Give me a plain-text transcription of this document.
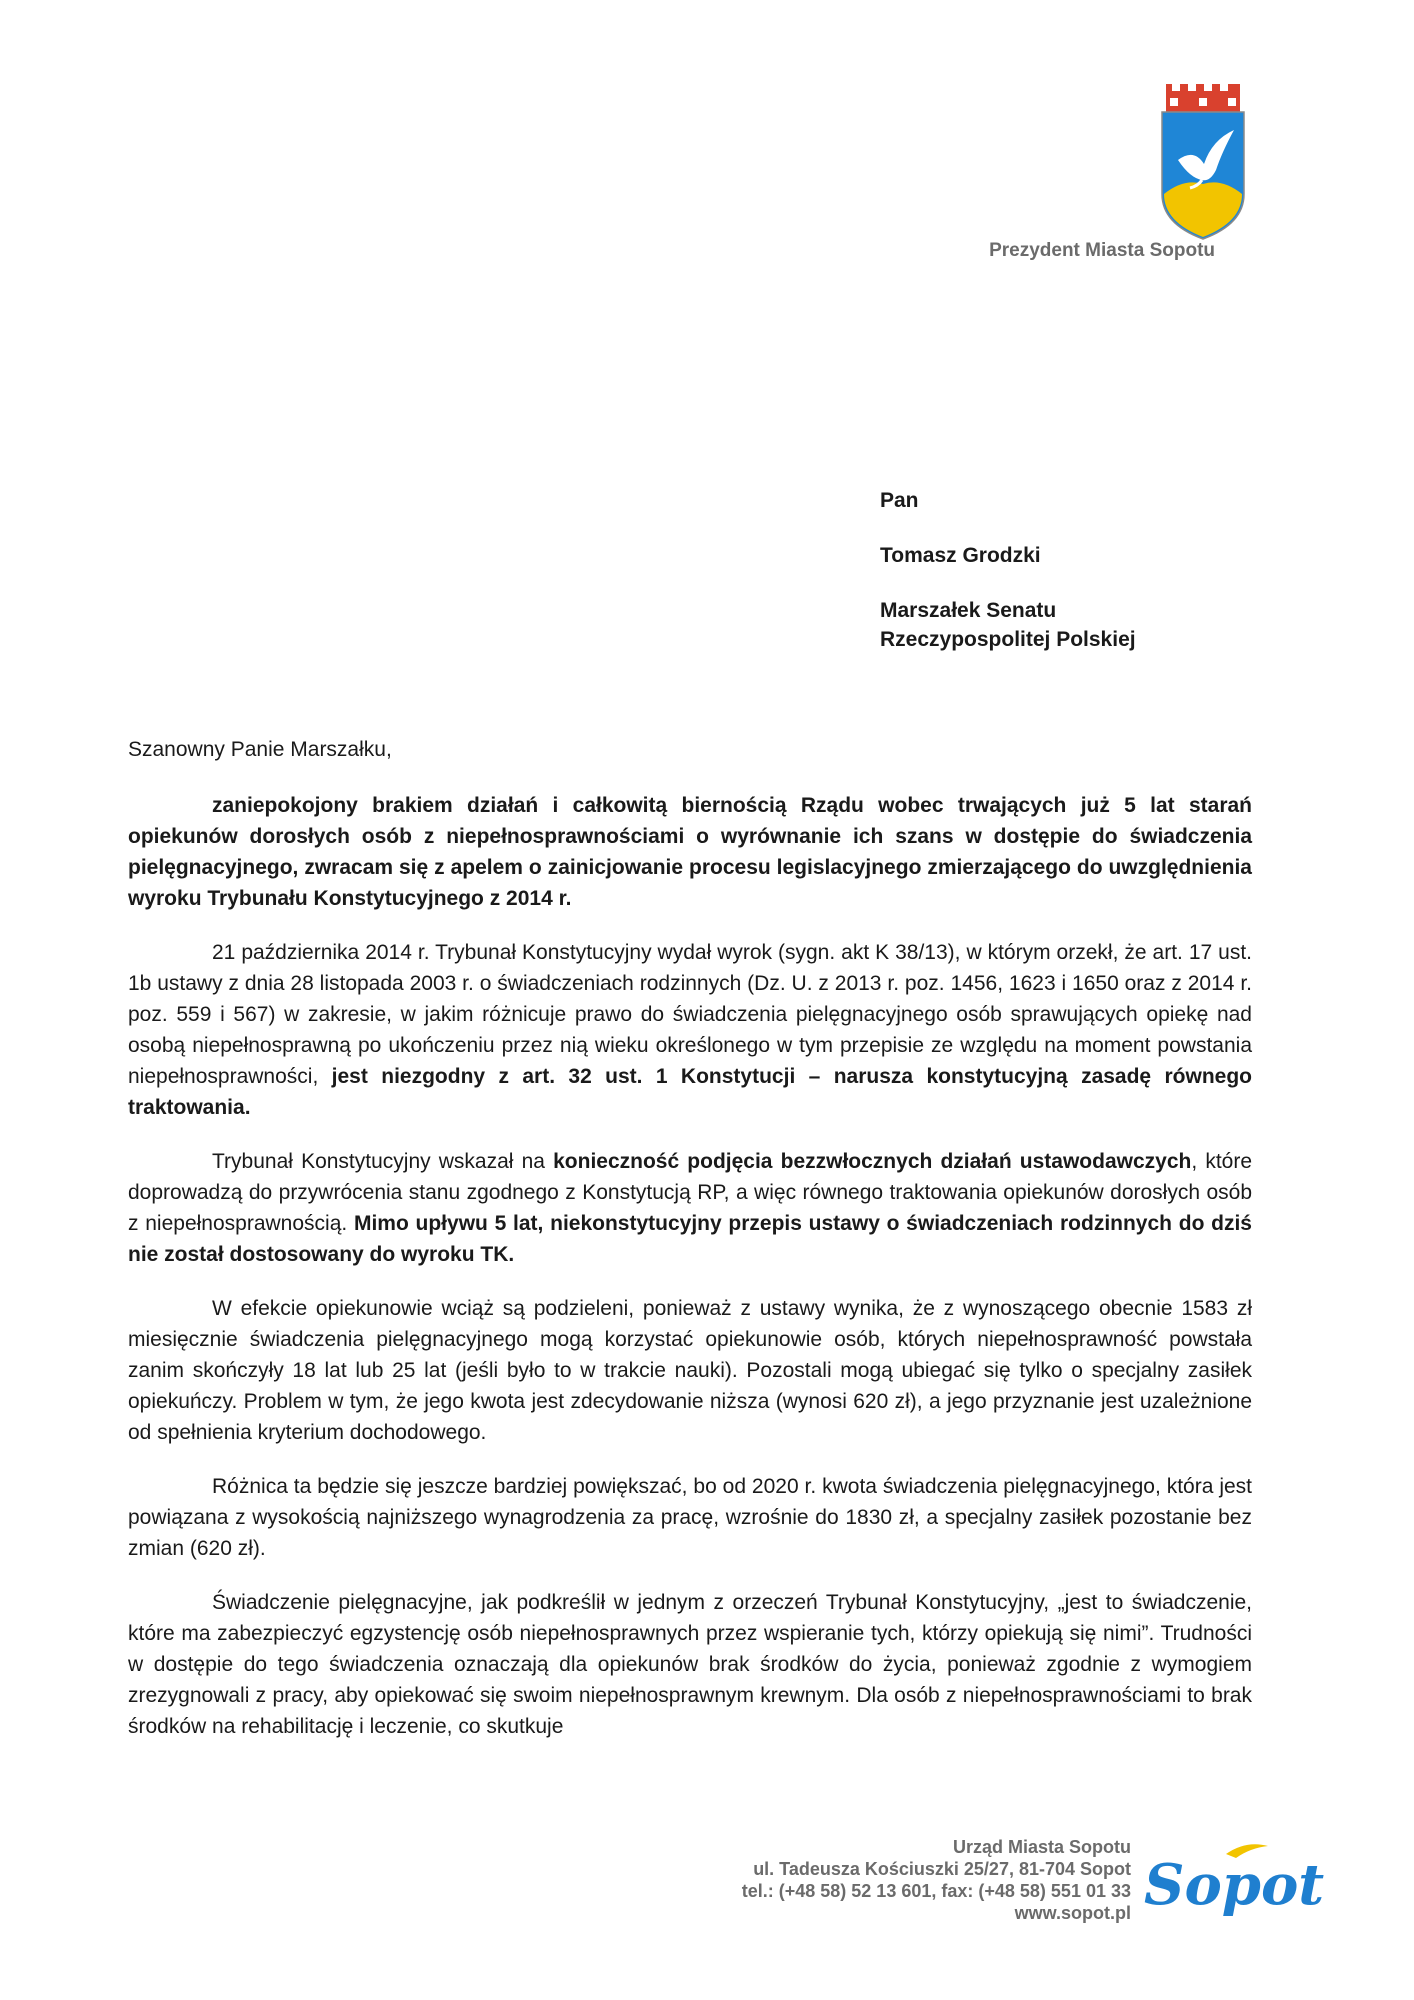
Prezydent Miasta Sopotu

Pan

Tomasz Grodzki

Marszałek Senatu

Rzeczypospolitej Polskiej

Szanowny Panie Marszałku,

zaniepokojony brakiem działań i całkowitą biernością Rządu wobec trwających już 5 lat starań opiekunów dorosłych osób z niepełnosprawnościami o wyrównanie ich szans w dostępie do świadczenia pielęgnacyjnego, zwracam się z apelem o zainicjowanie procesu legislacyjnego zmierzającego do uwzględnienia wyroku Trybunału Konstytucyjnego z 2014 r.

21 października 2014 r. Trybunał Konstytucyjny wydał wyrok (sygn. akt K 38/13), w którym orzekł, że art. 17 ust. 1b ustawy z dnia 28 listopada 2003 r. o świadczeniach rodzinnych (Dz. U. z 2013 r. poz. 1456, 1623 i 1650 oraz z 2014 r. poz. 559 i 567) w zakresie, w jakim różnicuje prawo do świadczenia pielęgnacyjnego osób sprawujących opiekę nad osobą niepełnosprawną po ukończeniu przez nią wieku określonego w tym przepisie ze względu na moment powstania niepełnosprawności, jest niezgodny z art. 32 ust. 1 Konstytucji – narusza konstytucyjną zasadę równego traktowania.

Trybunał Konstytucyjny wskazał na konieczność podjęcia bezzwłocznych działań ustawodawczych, które doprowadzą do przywrócenia stanu zgodnego z Konstytucją RP, a więc równego traktowania opiekunów dorosłych osób z niepełnosprawnością. Mimo upływu 5 lat, niekonstytucyjny przepis ustawy o świadczeniach rodzinnych do dziś nie został dostosowany do wyroku TK.

W efekcie opiekunowie wciąż są podzieleni, ponieważ z ustawy wynika, że z wynoszącego obecnie 1583 zł miesięcznie świadczenia pielęgnacyjnego mogą korzystać opiekunowie osób, których niepełnosprawność powstała zanim skończyły 18 lat lub 25 lat (jeśli było to w trakcie nauki). Pozostali mogą ubiegać się tylko o specjalny zasiłek opiekuńczy. Problem w tym, że jego kwota jest zdecydowanie niższa (wynosi 620 zł), a jego przyznanie jest uzależnione od spełnienia kryterium dochodowego.

Różnica ta będzie się jeszcze bardziej powiększać, bo od 2020 r. kwota świadczenia pielęgnacyjnego, która jest powiązana z wysokością najniższego wynagrodzenia za pracę, wzrośnie do 1830 zł, a specjalny zasiłek pozostanie bez zmian (620 zł).

Świadczenie pielęgnacyjne, jak podkreślił w jednym z orzeczeń Trybunał Konstytucyjny, „jest to świadczenie, które ma zabezpieczyć egzystencję osób niepełnosprawnych przez wspieranie tych, którzy opiekują się nimi”. Trudności w dostępie do tego świadczenia oznaczają dla opiekunów brak środków do życia, ponieważ zgodnie z wymogiem zrezygnowali z pracy, aby opiekować się swoim niepełnosprawnym krewnym. Dla osób z niepełnosprawnościami to brak środków na rehabilitację i leczenie, co skutkuje

Urząd Miasta Sopotu
ul. Tadeusza Kościuszki 25/27, 81-704 Sopot
tel.: (+48 58) 52 13 601, fax: (+48 58) 551 01 33
www.sopot.pl Sopot
